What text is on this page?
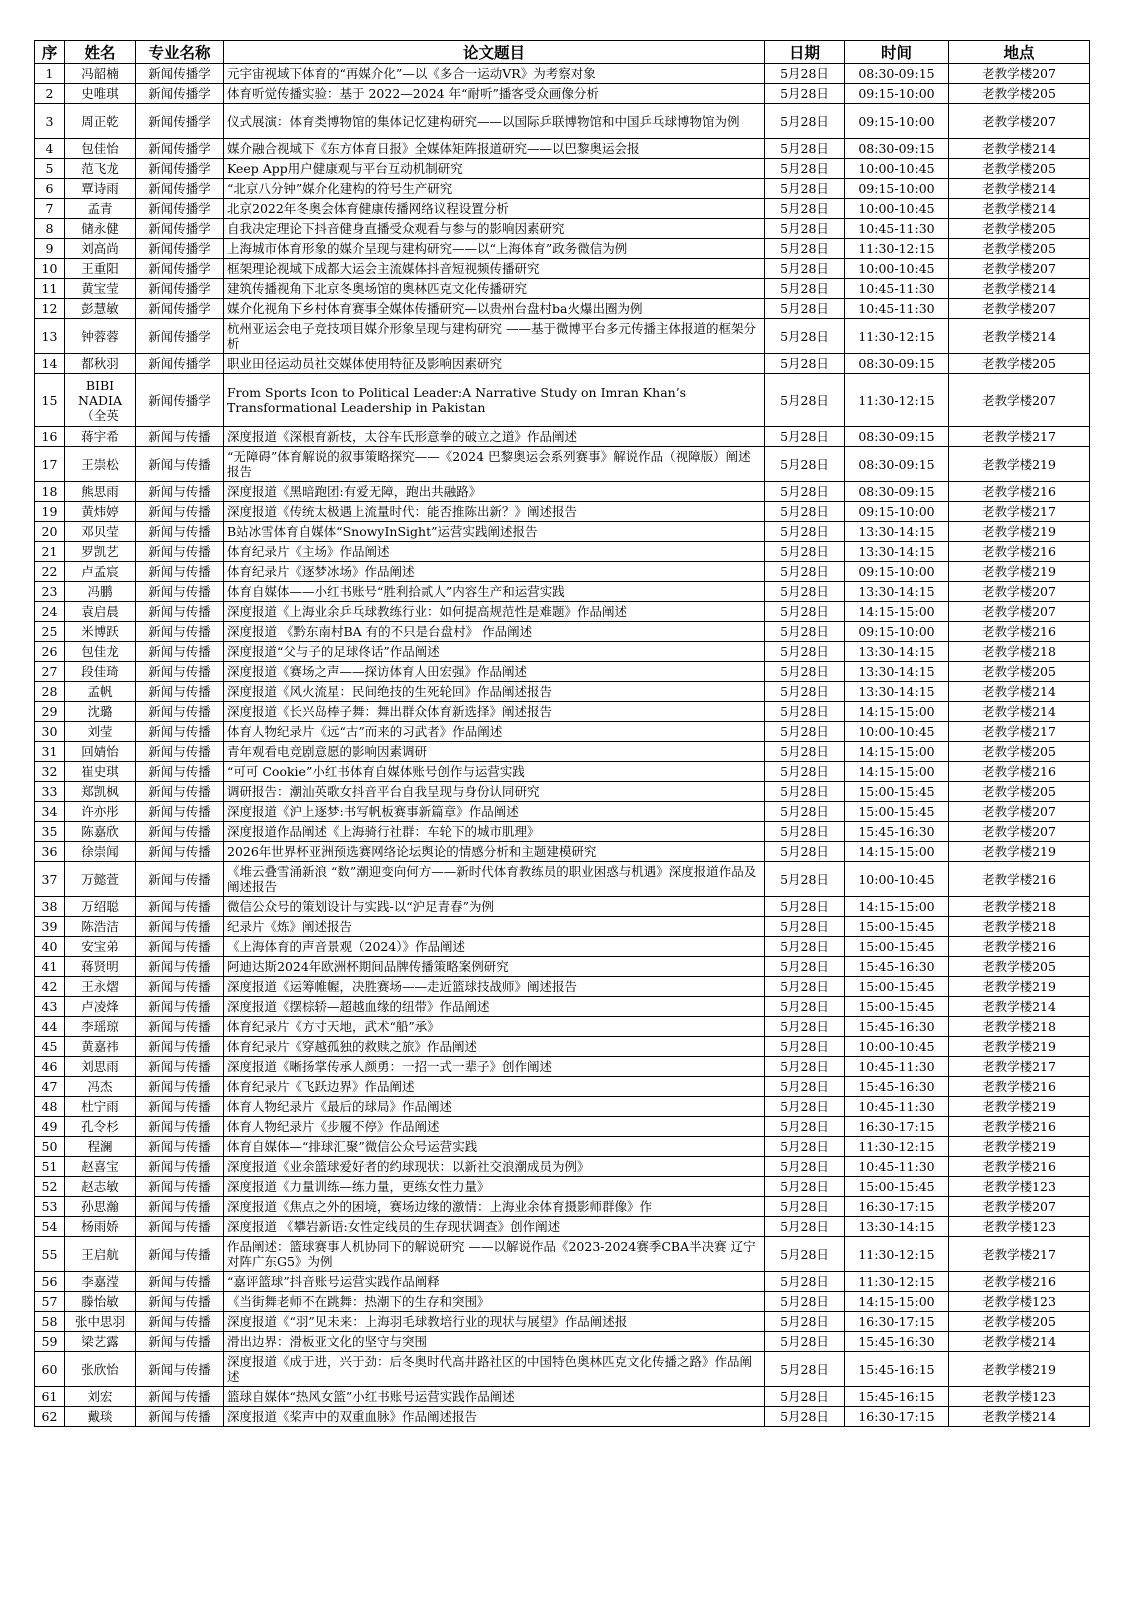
序	姓名	专业名称	论文题目	日期	时间	地点
1	冯韶楠	新闻传播学	元宇宙视域下体育的“再媒介化”—以《多合一运动VR》为考察对象	5月28日	08:30-09:15	老教学楼207
2	史唯琪	新闻传播学	体育听觉传播实验：基于 2022—2024 年“耐听”播客受众画像分析	5月28日	09:15-10:00	老教学楼205
3	周正乾	新闻传播学	仪式展演：体育类博物馆的集体记忆建构研究——以国际乒联博物馆和中国乒乓球博物馆为例	5月28日	09:15-10:00	老教学楼207
4	包佳怡	新闻传播学	媒介融合视域下《东方体育日报》全媒体矩阵报道研究——以巴黎奥运会报	5月28日	08:30-09:15	老教学楼214
5	范飞龙	新闻传播学	Keep App用户健康观与平台互动机制研究	5月28日	10:00-10:45	老教学楼205
6	覃诗雨	新闻传播学	“北京八分钟”媒介化建构的符号生产研究	5月28日	09:15-10:00	老教学楼214
7	孟青	新闻传播学	北京2022年冬奥会体育健康传播网络议程设置分析	5月28日	10:00-10:45	老教学楼214
8	储永健	新闻传播学	自我决定理论下抖音健身直播受众观看与参与的影响因素研究	5月28日	10:45-11:30	老教学楼205
9	刘高尚	新闻传播学	上海城市体育形象的媒介呈现与建构研究——以“上海体育”政务微信为例	5月28日	11:30-12:15	老教学楼205
10	王重阳	新闻传播学	框架理论视域下成都大运会主流媒体抖音短视频传播研究	5月28日	10:00-10:45	老教学楼207
11	黄宝莹	新闻传播学	建筑传播视角下北京冬奥场馆的奥林匹克文化传播研究	5月28日	10:45-11:30	老教学楼214
12	彭慧敏	新闻传播学	媒介化视角下乡村体育赛事全媒体传播研究—以贵州台盘村ba火爆出圈为例	5月28日	10:45-11:30	老教学楼207
13	钟蓉蓉	新闻传播学	杭州亚运会电子竞技项目媒介形象呈现与建构研究 ——基于微博平台多元传播主体报道的框架分析	5月28日	11:30-12:15	老教学楼214
14	都秋羽	新闻传播学	职业田径运动员社交媒体使用特征及影响因素研究	5月28日	08:30-09:15	老教学楼205
15	BIBI NADIA（全英	新闻传播学	From Sports Icon to Political Leader:A Narrative Study on Imran Khan’s Transformational Leadership in Pakistan	5月28日	11:30-12:15	老教学楼207
16	蒋宇希	新闻与传播	深度报道《深根育新枝，太谷车氏形意拳的破立之道》作品阐述	5月28日	08:30-09:15	老教学楼217
17	王崇松	新闻与传播	“无障碍”体育解说的叙事策略探究——《2024 巴黎奥运会系列赛事》解说作品（视障版）阐述报告	5月28日	08:30-09:15	老教学楼219
18	熊思雨	新闻与传播	深度报道《黑暗跑团:有爱无障，跑出共融路》	5月28日	08:30-09:15	老教学楼216
19	黄炜婷	新闻与传播	深度报道《传统太极遇上流量时代：能否推陈出新？》阐述报告	5月28日	09:15-10:00	老教学楼217
20	邓贝莹	新闻与传播	B站冰雪体育自媒体“SnowyInSight”运营实践阐述报告	5月28日	13:30-14:15	老教学楼219
21	罗凯艺	新闻与传播	体育纪录片《主场》作品阐述	5月28日	13:30-14:15	老教学楼216
22	卢孟宸	新闻与传播	体育纪录片《逐梦冰场》作品阐述	5月28日	09:15-10:00	老教学楼219
23	冯鹏	新闻与传播	体育自媒体——小红书账号“胜利拾贰人”内容生产和运营实践	5月28日	13:30-14:15	老教学楼207
24	袁启晨	新闻与传播	深度报道《上海业余乒乓球教练行业：如何提高规范性是难题》作品阐述	5月28日	14:15-15:00	老教学楼207
25	米博跃	新闻与传播	深度报道 《黔东南村BA 有的不只是台盘村》 作品阐述	5月28日	09:15-10:00	老教学楼216
26	包佳龙	新闻与传播	深度报道“父与子的足球佟话”作品阐述	5月28日	13:30-14:15	老教学楼218
27	段佳琦	新闻与传播	深度报道《赛场之声——探访体育人田宏强》作品阐述	5月28日	13:30-14:15	老教学楼205
28	孟帆	新闻与传播	深度报道《风火流星：民间绝技的生死轮回》作品阐述报告	5月28日	13:30-14:15	老教学楼214
29	沈璐	新闻与传播	深度报道《长兴岛棒子舞：舞出群众体育新选择》阐述报告	5月28日	14:15-15:00	老教学楼214
30	刘莹	新闻与传播	体育人物纪录片《远“古”而来的习武者》作品阐述	5月28日	10:00-10:45	老教学楼217
31	回婧怡	新闻与传播	青年观看电竞剧意愿的影响因素调研	5月28日	14:15-15:00	老教学楼205
32	崔史琪	新闻与传播	“可可 Cookie”小红书体育自媒体账号创作与运营实践	5月28日	14:15-15:00	老教学楼216
33	郑凯枫	新闻与传播	调研报告：潮汕英歌女抖音平台自我呈现与身份认同研究	5月28日	15:00-15:45	老教学楼205
34	许亦彤	新闻与传播	深度报道《沪上逐梦:书写帆板赛事新篇章》作品阐述	5月28日	15:00-15:45	老教学楼207
35	陈嘉欣	新闻与传播	深度报道作品阐述《上海骑行社群：车轮下的城市肌理》	5月28日	15:45-16:30	老教学楼207
36	徐崇闻	新闻与传播	2026年世界杯亚洲预选赛网络论坛舆论的情感分析和主题建模研究	5月28日	14:15-15:00	老教学楼219
37	万懿萱	新闻与传播	《堆云叠雪涌新浪 “数”潮迎变向何方——新时代体育教练员的职业困惑与机遇》深度报道作品及阐述报告	5月28日	10:00-10:45	老教学楼216
38	万绍聪	新闻与传播	微信公众号的策划设计与实践-以“沪足青春”为例	5月28日	14:15-15:00	老教学楼218
39	陈浩洁	新闻与传播	纪录片《炼》阐述报告	5月28日	15:00-15:45	老教学楼218
40	安宝弟	新闻与传播	《上海体育的声音景观（2024）》作品阐述	5月28日	15:00-15:45	老教学楼216
41	蒋贤明	新闻与传播	阿迪达斯2024年欧洲杯期间品牌传播策略案例研究	5月28日	15:45-16:30	老教学楼205
42	王永熠	新闻与传播	深度报道《运筹帷幄，决胜赛场——走近篮球技战师》阐述报告	5月28日	15:00-15:45	老教学楼219
43	卢凌烽	新闻与传播	深度报道《摆棕轿—超越血缘的纽带》作品阐述	5月28日	15:00-15:45	老教学楼214
44	李瑶琼	新闻与传播	体育纪录片《方寸天地，武术“船”承》	5月28日	15:45-16:30	老教学楼218
45	黄嘉祎	新闻与传播	体育纪录片《穿越孤独的救赎之旅》作品阐述	5月28日	10:00-10:45	老教学楼219
46	刘思雨	新闻与传播	深度报道《晰扬掌传承人颜勇：一招一式一辈子》创作阐述	5月28日	10:45-11:30	老教学楼217
47	冯杰	新闻与传播	体育纪录片《飞跃边界》作品阐述	5月28日	15:45-16:30	老教学楼216
48	杜宁雨	新闻与传播	体育人物纪录片《最后的球局》作品阐述	5月28日	10:45-11:30	老教学楼219
49	孔令杉	新闻与传播	体育人物纪录片《步履不停》作品阐述	5月28日	16:30-17:15	老教学楼216
50	程澜	新闻与传播	体育自媒体—“排球汇聚”微信公众号运营实践	5月28日	11:30-12:15	老教学楼219
51	赵喜宝	新闻与传播	深度报道《业余篮球爱好者的约球现状：以新社交浪潮成员为例》	5月28日	10:45-11:30	老教学楼216
52	赵志敏	新闻与传播	深度报道《力量训练—练力量，更练女性力量》	5月28日	15:00-15:45	老教学楼123
53	孙思瀚	新闻与传播	深度报道《焦点之外的困境，赛场边缘的激情：上海业余体育摄影师群像》作	5月28日	16:30-17:15	老教学楼207
54	杨雨娇	新闻与传播	深度报道 《攀岩新语:女性定线员的生存现状调查》创作阐述	5月28日	13:30-14:15	老教学楼123
55	王启航	新闻与传播	作品阐述：篮球赛事人机协同下的解说研究 ——以解说作品《2023-2024赛季CBA半决赛 辽宁对阵广东G5》为例	5月28日	11:30-12:15	老教学楼217
56	李嘉滢	新闻与传播	“嘉评篮球”抖音账号运营实践作品阐释	5月28日	11:30-12:15	老教学楼216
57	滕怡敏	新闻与传播	《当街舞老师不在跳舞：热潮下的生存和突围》	5月28日	14:15-15:00	老教学楼123
58	张中思羽	新闻与传播	深度报道《“羽”见未来：上海羽毛球教培行业的现状与展望》作品阐述报	5月28日	16:30-17:15	老教学楼205
59	梁艺露	新闻与传播	滑出边界：滑板亚文化的坚守与突围	5月28日	15:45-16:30	老教学楼214
60	张欣怡	新闻与传播	深度报道《成于进，兴于劲：后冬奥时代高井路社区的中国特色奥林匹克文化传播之路》作品阐述	5月28日	15:45-16:15	老教学楼219
61	刘宏	新闻与传播	篮球自媒体“热风女篮”小红书账号运营实践作品阐述	5月28日	15:45-16:15	老教学楼123
62	戴琰	新闻与传播	深度报道《桨声中的双重血脉》作品阐述报告	5月28日	16:30-17:15	老教学楼214
